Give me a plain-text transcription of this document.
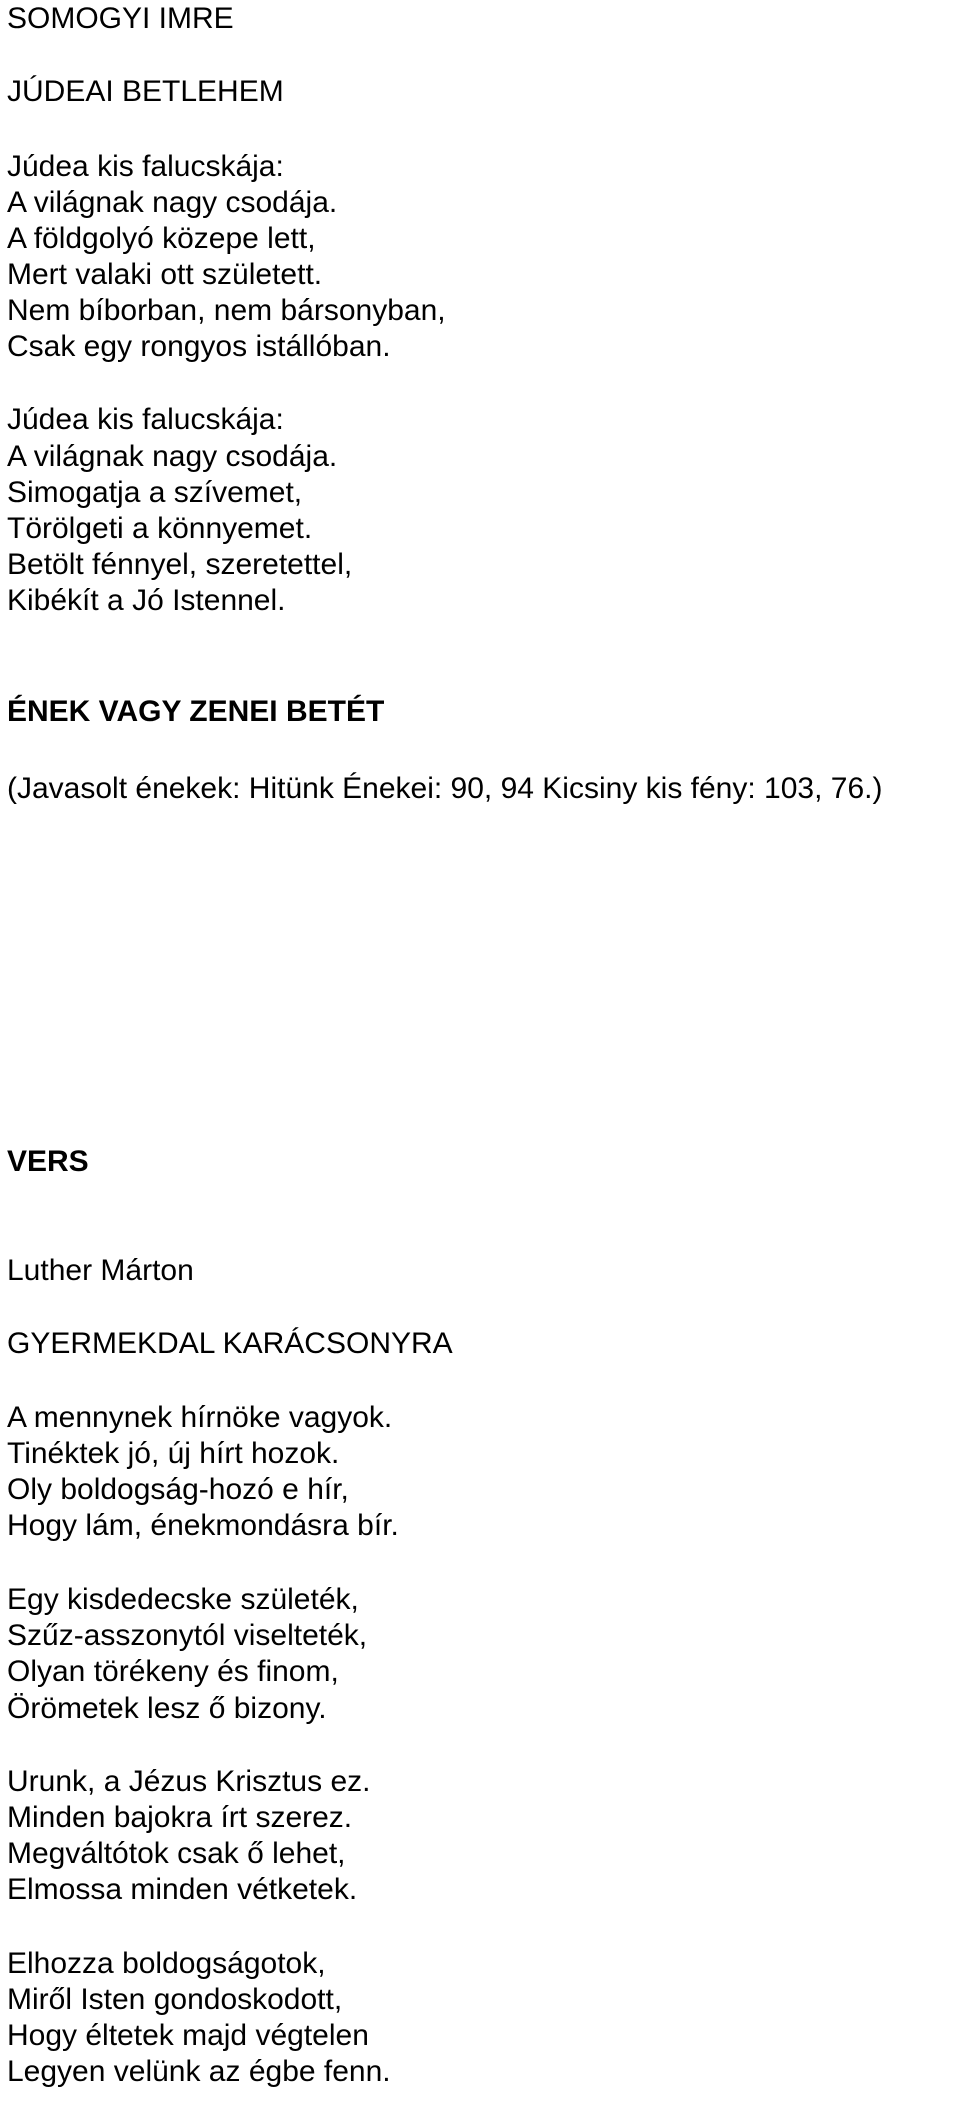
SOMOGYI IMRE

JÚDEAI BETLEHEM

Júdea kis falucskája:

A világnak nagy csodája.

A földgolyó közepe lett,

Mert valaki ott született.

Nem bíborban, nem bársonyban,

Csak egy rongyos istállóban.

Júdea kis falucskája:

A világnak nagy csodája.

Simogatja a szívemet,

Törölgeti a könnyemet.

Betölt fénnyel, szeretettel,

Kibékít a Jó Istennel.

ÉNEK VAGY ZENEI BETÉT

(Javasolt énekek: Hitünk Énekei: 90, 94 Kicsiny kis fény: 103, 76.)

VERS

Luther Márton

GYERMEKDAL KARÁCSONYRA

A mennynek hírnöke vagyok.

Tinéktek jó, új hírt hozok.

Oly boldogság-hozó e hír,

Hogy lám, énekmondásra bír.

Egy kisdedecske születék,

Szűz-asszonytól viselteték,

Olyan törékeny és finom,

Örömetek lesz ő bizony.

Urunk, a Jézus Krisztus ez.

Minden bajokra írt szerez.

Megváltótok csak ő lehet,

Elmossa minden vétketek.

Elhozza boldogságotok,

Miről Isten gondoskodott,

Hogy éltetek majd végtelen

Legyen velünk az égbe fenn.
